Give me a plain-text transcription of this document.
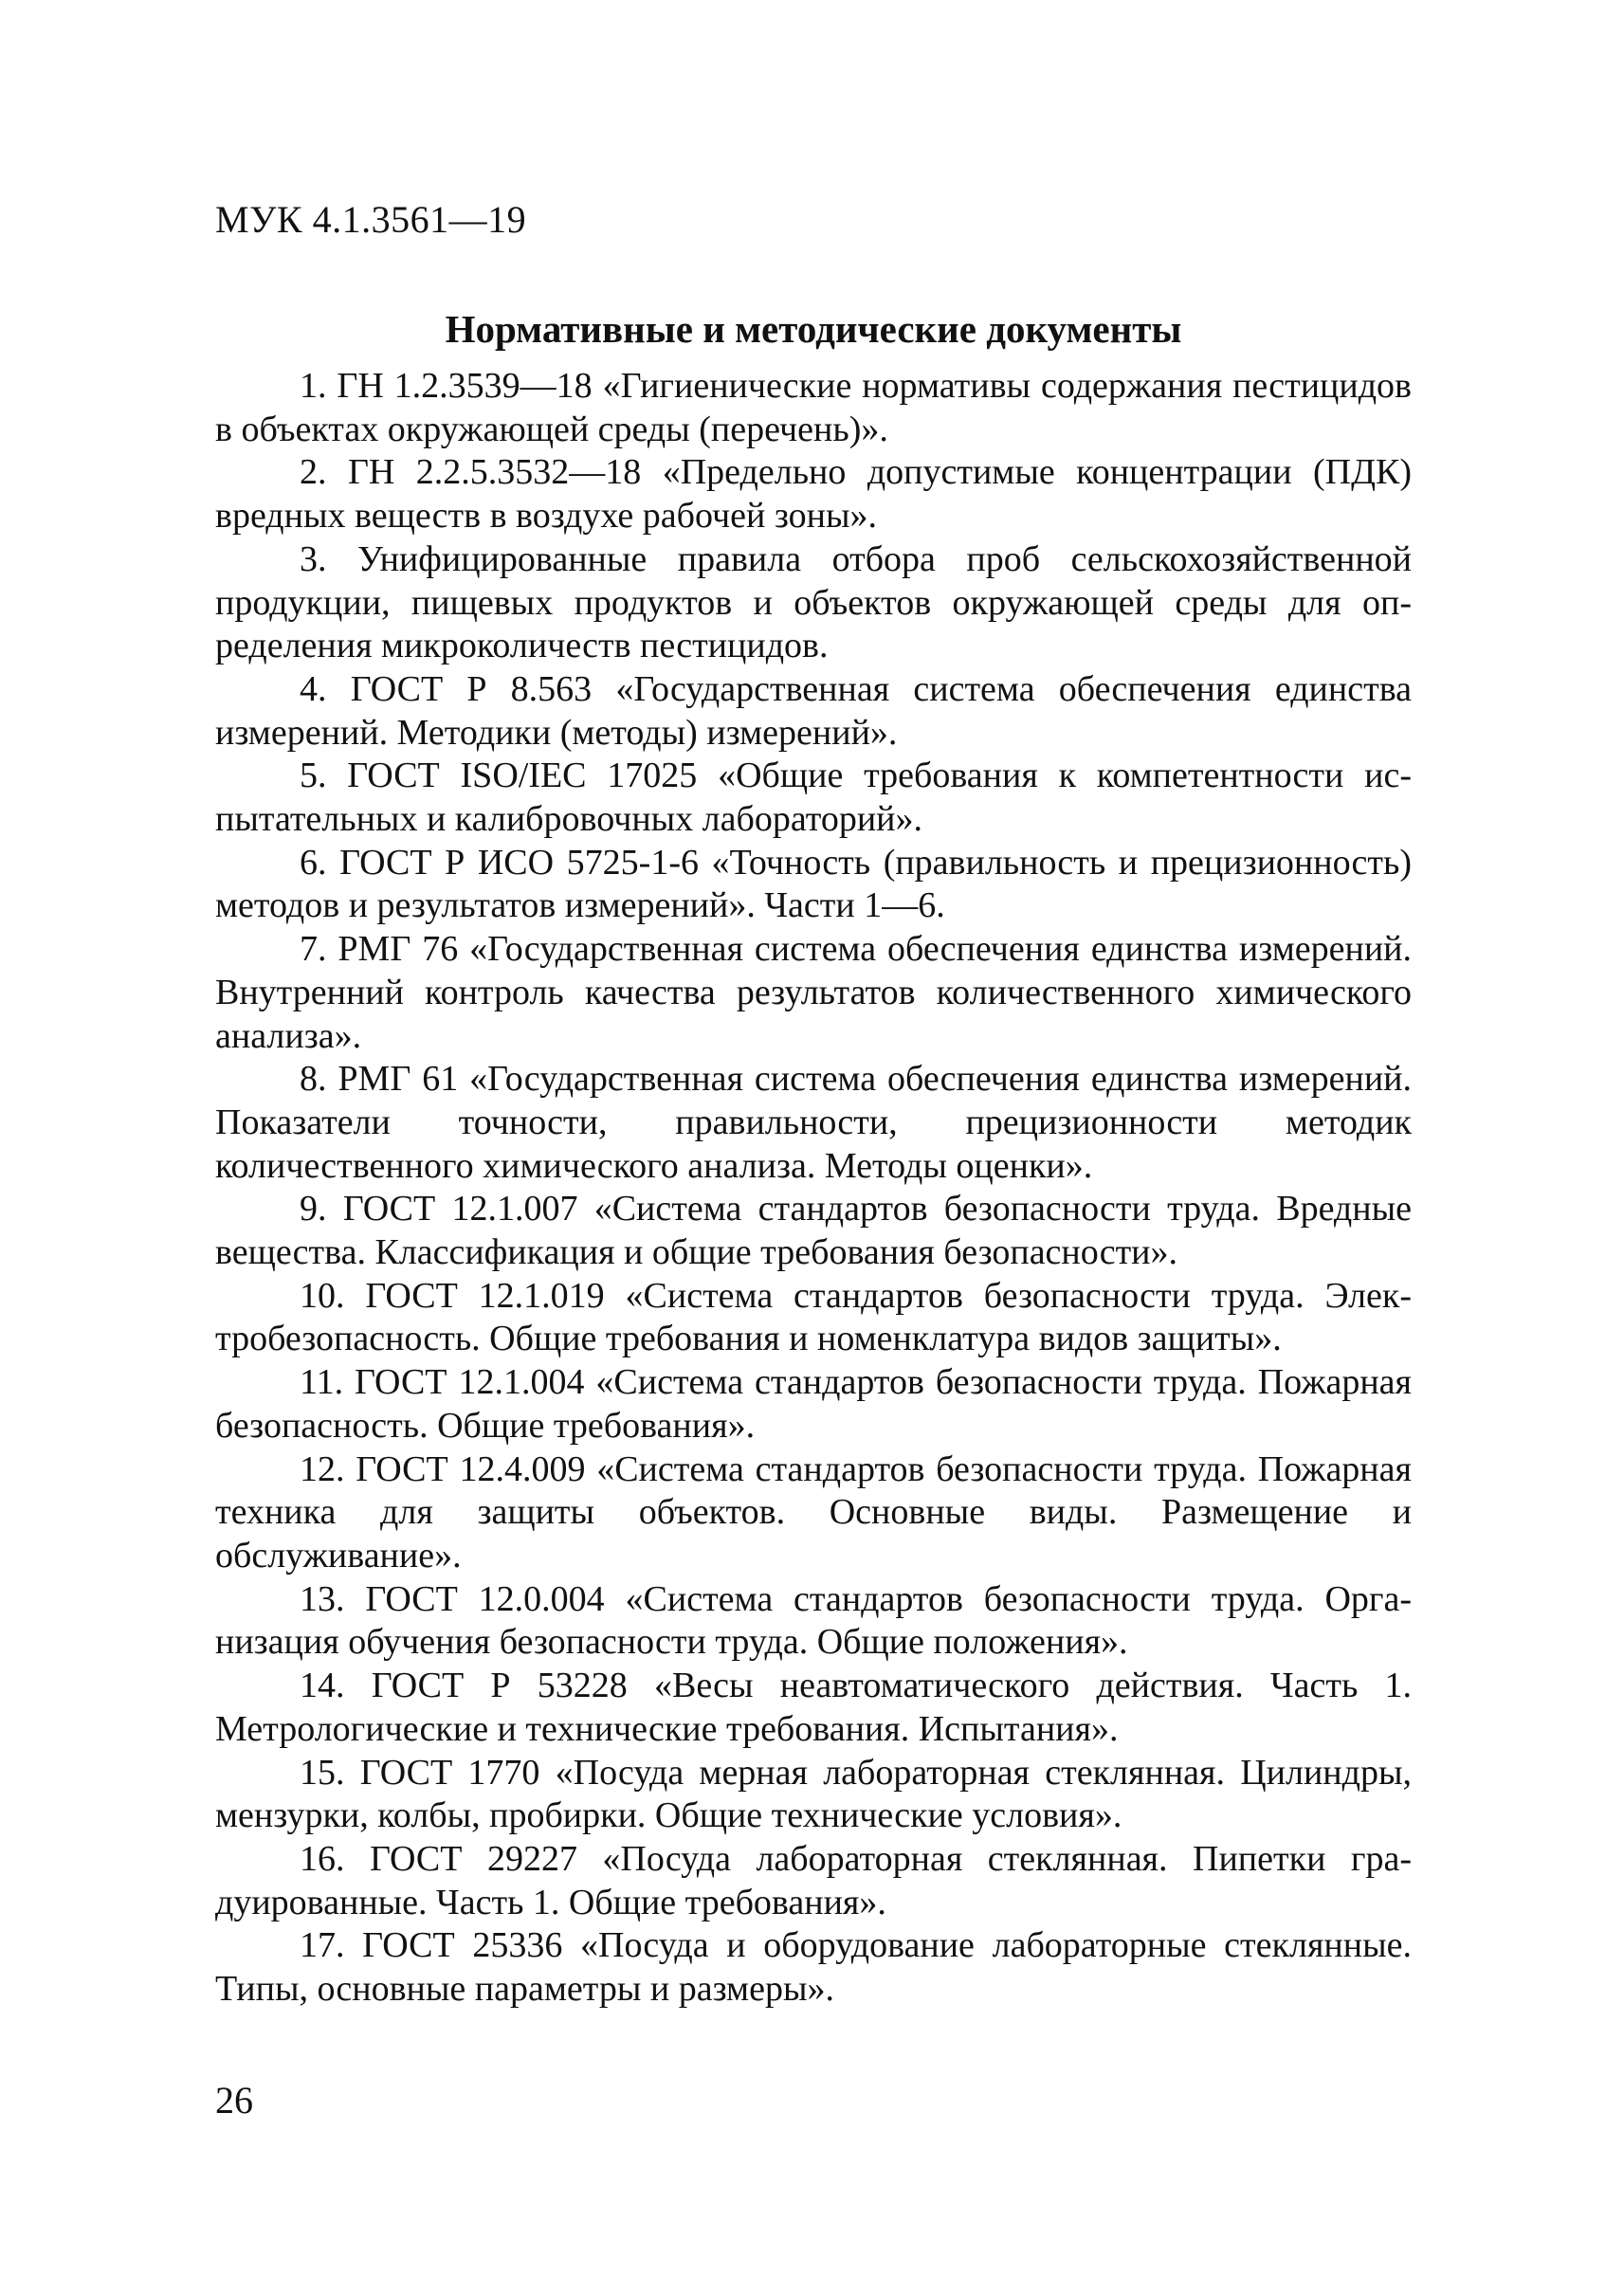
МУК 4.1.3561—19
Нормативные и методические документы
1. ГН 1.2.3539—18 «Гигиенические нормативы содержания пестицидов в объектах окружающей среды (перечень)».
2. ГН 2.2.5.3532—18 «Предельно допустимые концентрации (ПДК) вредных веществ в воздухе рабочей зоны».
3. Унифицированные правила отбора проб сельскохозяйственной продукции, пищевых продуктов и объектов окружающей среды для определения микроколичеств пестицидов.
4. ГОСТ Р 8.563 «Государственная система обеспечения единства измерений. Методики (методы) измерений».
5. ГОСТ ISO/IEC 17025 «Общие требования к компетентности испытательных и калибровочных лабораторий».
6. ГОСТ Р ИСО 5725-1-6 «Точность (правильность и прецизионность) методов и результатов измерений». Части 1—6.
7. РМГ 76 «Государственная система обеспечения единства измерений. Внутренний контроль качества результатов количественного химического анализа».
8. РМГ 61 «Государственная система обеспечения единства измерений. Показатели точности, правильности, прецизионности методик количественного химического анализа. Методы оценки».
9. ГОСТ 12.1.007 «Система стандартов безопасности труда. Вредные вещества. Классификация и общие требования безопасности».
10. ГОСТ 12.1.019 «Система стандартов безопасности труда. Электробезопасность. Общие требования и номенклатура видов защиты».
11. ГОСТ 12.1.004 «Система стандартов безопасности труда. Пожарная безопасность. Общие требования».
12. ГОСТ 12.4.009 «Система стандартов безопасности труда. Пожарная техника для защиты объектов. Основные виды. Размещение и обслуживание».
13. ГОСТ 12.0.004 «Система стандартов безопасности труда. Организация обучения безопасности труда. Общие положения».
14. ГОСТ Р 53228 «Весы неавтоматического действия. Часть 1. Метрологические и технические требования. Испытания».
15. ГОСТ 1770 «Посуда мерная лабораторная стеклянная. Цилиндры, мензурки, колбы, пробирки. Общие технические условия».
16. ГОСТ 29227 «Посуда лабораторная стеклянная. Пипетки градуированные. Часть 1. Общие требования».
17. ГОСТ 25336 «Посуда и оборудование лабораторные стеклянные. Типы, основные параметры и размеры».
26
